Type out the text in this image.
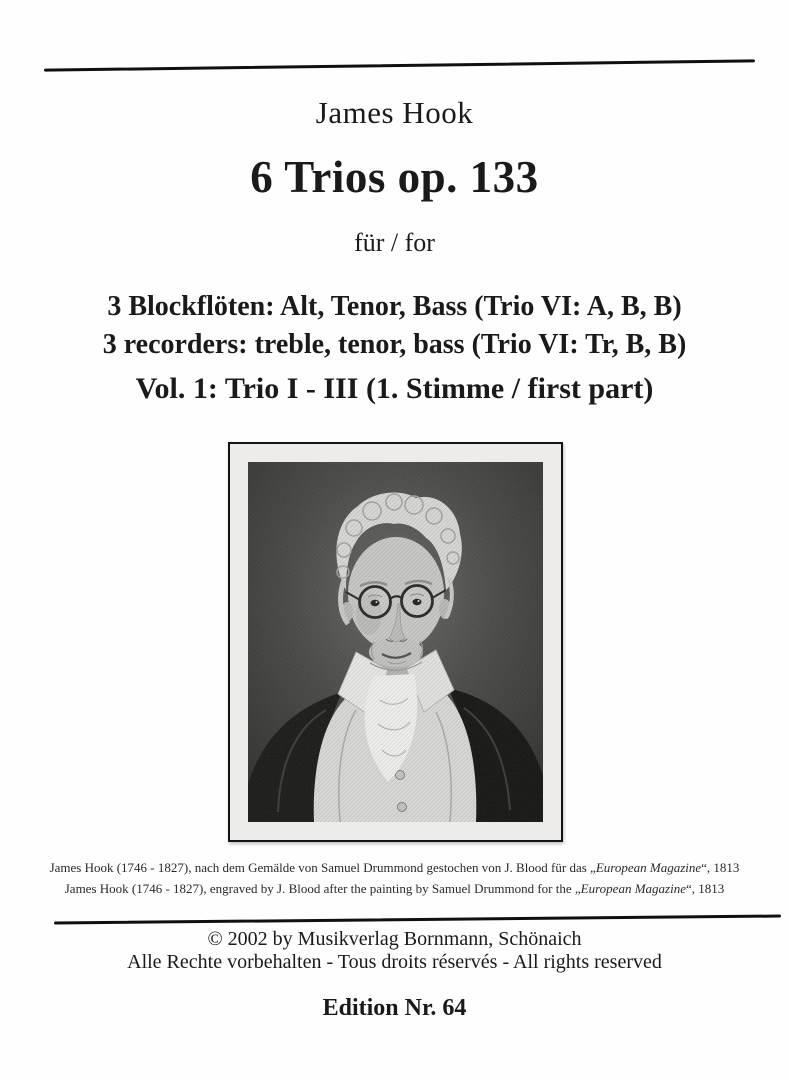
James Hook
6 Trios op. 133
für / for
3 Blockflöten: Alt, Tenor, Bass (Trio VI: A, B, B)
3 recorders: treble, tenor, bass (Trio VI: Tr, B, B)
Vol. 1: Trio I - III (1. Stimme / first part)
James Hook (1746 - 1827), nach dem Gemälde von Samuel Drummond gestochen von J. Blood für das „European Magazine“, 1813
James Hook (1746 - 1827), engraved by J. Blood after the painting by Samuel Drummond for the „European Magazine“, 1813
© 2002 by Musikverlag Bornmann, Schönaich
Alle Rechte vorbehalten - Tous droits réservés - All rights reserved
Edition Nr. 64
